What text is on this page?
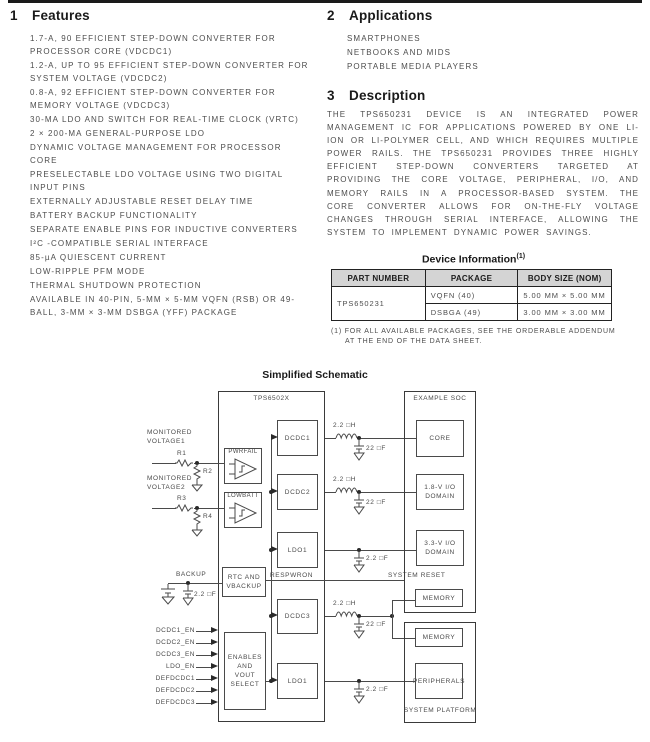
1 Features
1.7-A, 90 EFFICIENT STEP-DOWN CONVERTER FOR PROCESSOR CORE (VDCDC1)
1.2-A, UP TO 95 EFFICIENT STEP-DOWN CONVERTER FOR SYSTEM VOLTAGE (VDCDC2)
0.8-A, 92 EFFICIENT STEP-DOWN CONVERTER FOR MEMORY VOLTAGE (VDCDC3)
30-MA LDO AND SWITCH FOR REAL-TIME CLOCK (VRTC)
2 × 200-MA GENERAL-PURPOSE LDO
DYNAMIC VOLTAGE MANAGEMENT FOR PROCESSOR CORE
PRESELECTABLE LDO VOLTAGE USING TWO DIGITAL INPUT PINS
EXTERNALLY ADJUSTABLE RESET DELAY TIME
BATTERY BACKUP FUNCTIONALITY
SEPARATE ENABLE PINS FOR INDUCTIVE CONVERTERS
I²C -COMPATIBLE SERIAL INTERFACE
85-µA QUIESCENT CURRENT
LOW-RIPPLE PFM MODE
THERMAL SHUTDOWN PROTECTION
AVAILABLE IN 40-PIN, 5-MM × 5-MM VQFN (RSB) OR 49-BALL, 3-MM × 3-MM DSBGA (YFF) PACKAGE
2 Applications
SMARTPHONES
NETBOOKS AND MIDS
PORTABLE MEDIA PLAYERS
3 Description
THE TPS650231 DEVICE IS AN INTEGRATED POWER MANAGEMENT IC FOR APPLICATIONS POWERED BY ONE LI-ION OR LI-POLYMER CELL, AND WHICH REQUIRES MULTIPLE POWER RAILS. THE TPS650231 PROVIDES THREE HIGHLY EFFICIENT STEP-DOWN CONVERTERS TARGETED AT PROVIDING THE CORE VOLTAGE, PERIPHERAL, I/O, AND MEMORY RAILS IN A PROCESSOR-BASED SYSTEM. THE CORE CONVERTER ALLOWS FOR ON-THE-FLY VOLTAGE CHANGES THROUGH SERIAL INTERFACE, ALLOWING THE SYSTEM TO IMPLEMENT DYNAMIC POWER SAVINGS.
Device Information$^{(1)}$
PART NUMBER	PACKAGE	BODY SIZE (NOM)
TPS650231	VQFN (40)	5.00 MM × 5.00 MM
	DSBGA (49)	3.00 MM × 3.00 MM
(1) FOR ALL AVAILABLE PACKAGES, SEE THE ORDERABLE ADDENDUM AT THE END OF THE DATA SHEET.
Simplified Schematic
TPS6502X
DCDC1
DCDC2
LDO1
DCDC3
LDO1
PWRFAIL
LOWBATT
RTC AND
VBACKUP
ENABLES
AND
VOUT
SELECT
MONITORED
VOLTAGE1
R1
R2
MONITORED
VOLTAGE2
R3
R4
BACKUP
2.2 □F
DCDC1_EN
DCDC2_EN
DCDC3_EN
LDO_EN
DEFDCDC1
DEFDCDC2
DEFDCDC3
RESPWRON	SYSTEM RESET
2.2 □H
22 □F
2.2 □H
22 □F
2.2 □F
2.2 □H
22 □F
2.2 □F
EXAMPLE SOC
CORE
1.8-V I/O
DOMAIN
3.3-V I/O
DOMAIN
MEMORY
MEMORY
PERIPHERALS
SYSTEM PLATFORM
